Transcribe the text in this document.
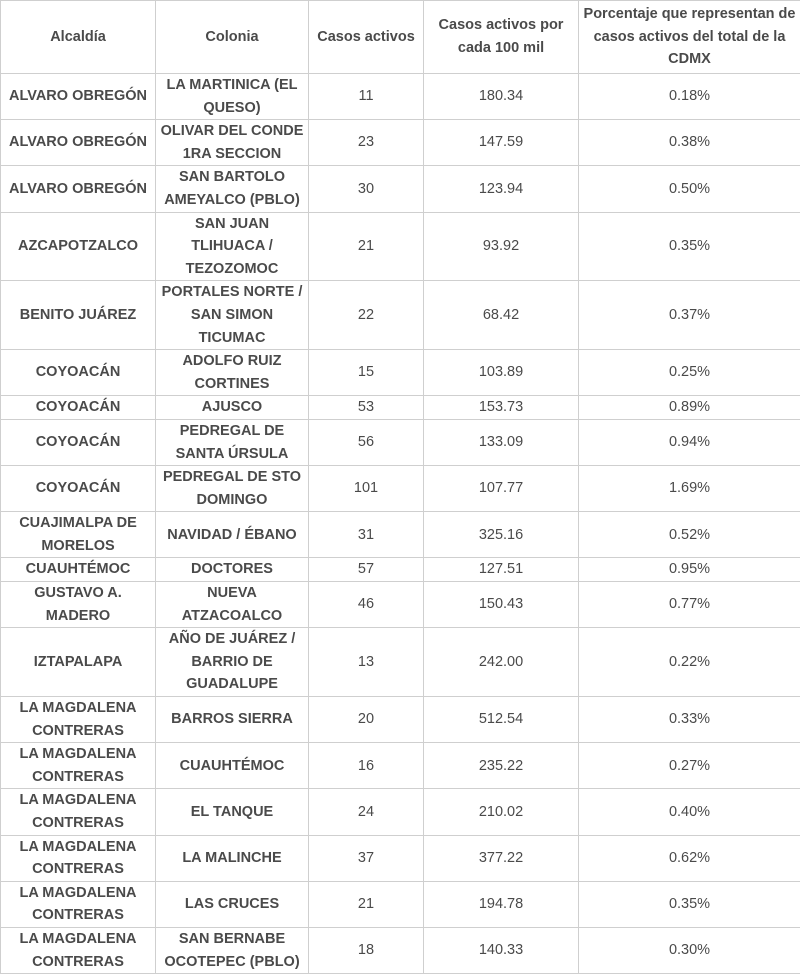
Alcaldía	Colonia	Casos activos	Casos activos por cada 100 mil	Porcentaje que representan de casos activos del total de la CDMX
ALVARO OBREGÓN	LA MARTINICA (EL QUESO)	11	180.34	0.18%
ALVARO OBREGÓN	OLIVAR DEL CONDE 1RA SECCION	23	147.59	0.38%
ALVARO OBREGÓN	SAN BARTOLO AMEYALCO (PBLO)	30	123.94	0.50%
AZCAPOTZALCO	SAN JUAN TLIHUACA / TEZOZOMOC	21	93.92	0.35%
BENITO JUÁREZ	PORTALES NORTE / SAN SIMON TICUMAC	22	68.42	0.37%
COYOACÁN	ADOLFO RUIZ CORTINES	15	103.89	0.25%
COYOACÁN	AJUSCO	53	153.73	0.89%
COYOACÁN	PEDREGAL DE SANTA ÚRSULA	56	133.09	0.94%
COYOACÁN	PEDREGAL DE STO DOMINGO	101	107.77	1.69%
CUAJIMALPA DE MORELOS	NAVIDAD / ÉBANO	31	325.16	0.52%
CUAUHTÉMOC	DOCTORES	57	127.51	0.95%
GUSTAVO A. MADERO	NUEVA ATZACOALCO	46	150.43	0.77%
IZTAPALAPA	AÑO DE JUÁREZ / BARRIO DE GUADALUPE	13	242.00	0.22%
LA MAGDALENA CONTRERAS	BARROS SIERRA	20	512.54	0.33%
LA MAGDALENA CONTRERAS	CUAUHTÉMOC	16	235.22	0.27%
LA MAGDALENA CONTRERAS	EL TANQUE	24	210.02	0.40%
LA MAGDALENA CONTRERAS	LA MALINCHE	37	377.22	0.62%
LA MAGDALENA CONTRERAS	LAS CRUCES	21	194.78	0.35%
LA MAGDALENA CONTRERAS	SAN BERNABE OCOTEPEC (PBLO)	18	140.33	0.30%
